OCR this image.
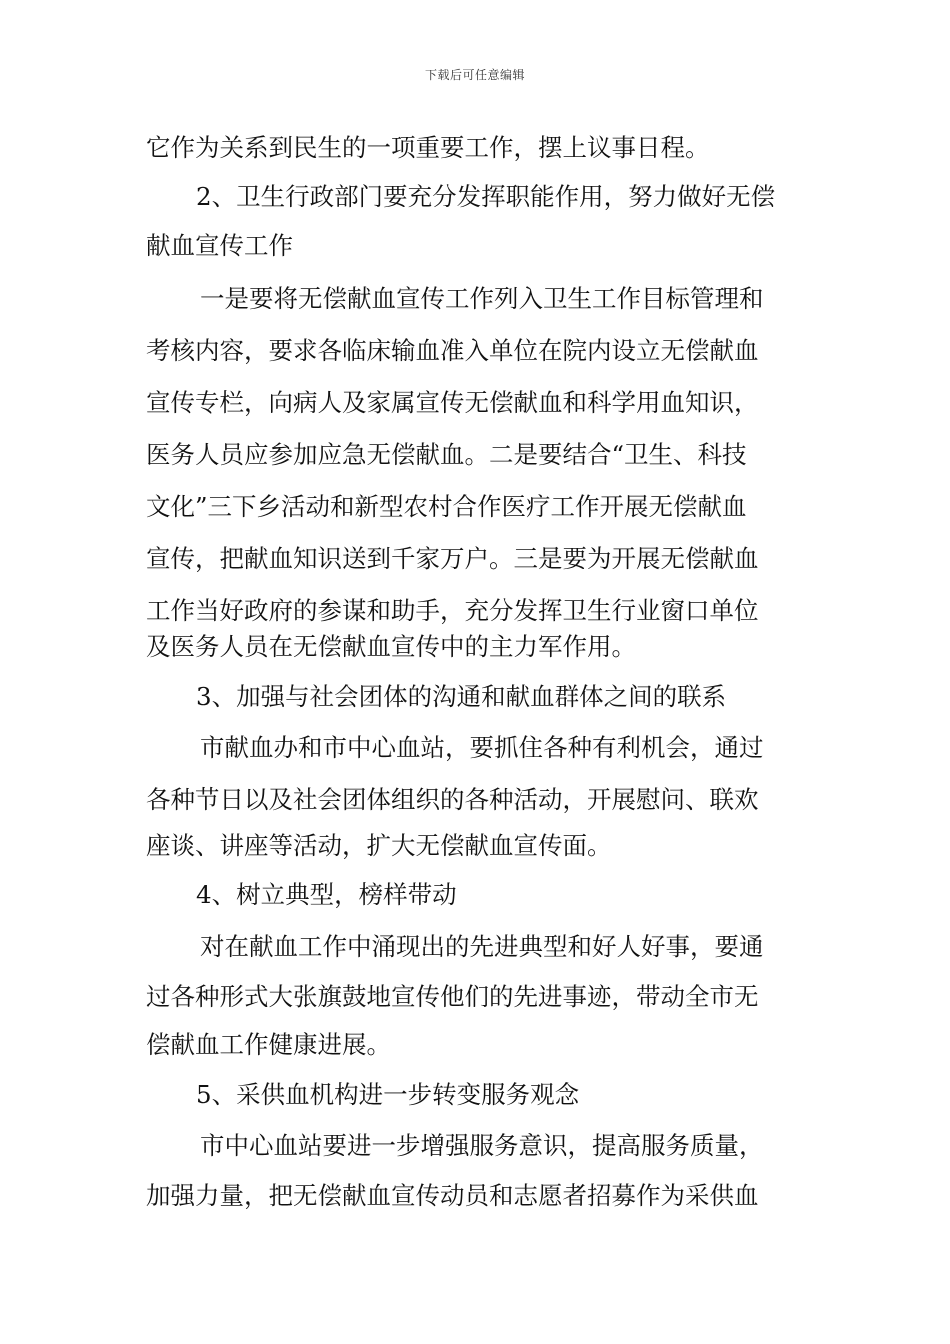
下载后可任意编辑
它作为关系到民生的一项重要工作，摆上议事日程。
2、卫生行政部门要充分发挥职能作用，努力做好无偿
献血宣传工作
一是要将无偿献血宣传工作列入卫生工作目标管理和
考核内容，要求各临床输血准入单位在院内设立无偿献血
宣传专栏，向病人及家属宣传无偿献血和科学用血知识，
医务人员应参加应急无偿献血。二是要结合“卫生、科技
文化”三下乡活动和新型农村合作医疗工作开展无偿献血
宣传，把献血知识送到千家万户。三是要为开展无偿献血
工作当好政府的参谋和助手，充分发挥卫生行业窗口单位
及医务人员在无偿献血宣传中的主力军作用。
3、加强与社会团体的沟通和献血群体之间的联系
市献血办和市中心血站，要抓住各种有利机会，通过
各种节日以及社会团体组织的各种活动，开展慰问、联欢
座谈、讲座等活动，扩大无偿献血宣传面。
4、树立典型，榜样带动
对在献血工作中涌现出的先进典型和好人好事，要通
过各种形式大张旗鼓地宣传他们的先进事迹，带动全市无
偿献血工作健康进展。
5、采供血机构进一步转变服务观念
市中心血站要进一步增强服务意识，提高服务质量，
加强力量，把无偿献血宣传动员和志愿者招募作为采供血
